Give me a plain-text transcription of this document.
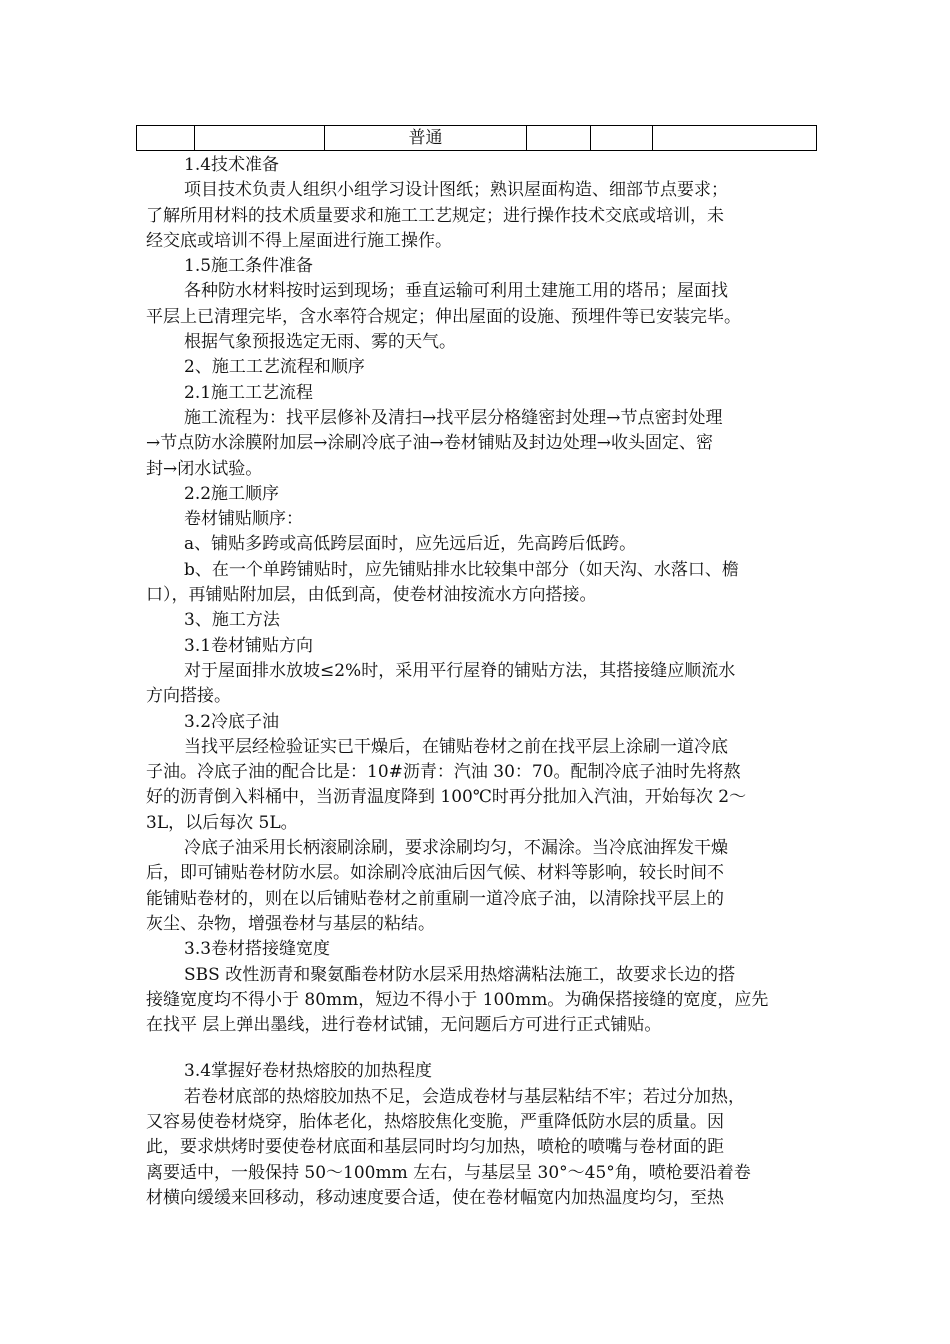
		普通			
1.4技术准备
项目技术负责人组织小组学习设计图纸；熟识屋面构造、细部节点要求；
了解所用材料的技术质量要求和施工工艺规定；进行操作技术交底或培训，未
经交底或培训不得上屋面进行施工操作。
1.5施工条件准备
各种防水材料按时运到现场；垂直运输可利用土建施工用的塔吊；屋面找
平层上已清理完毕，含水率符合规定；伸出屋面的设施、预埋件等已安装完毕。
根据气象预报选定无雨、雾的天气。
2、施工工艺流程和顺序
2.1施工工艺流程
施工流程为：找平层修补及清扫→找平层分格缝密封处理→节点密封处理
→节点防水涂膜附加层→涂刷冷底子油→卷材铺贴及封边处理→收头固定、密
封→闭水试验。
2.2施工顺序
卷材铺贴顺序：
a、铺贴多跨或高低跨层面时，应先远后近，先高跨后低跨。
b、在一个单跨铺贴时，应先铺贴排水比较集中部分（如天沟、水落口、檐
口），再铺贴附加层，由低到高，使卷材油按流水方向搭接。
3、施工方法
3.1卷材铺贴方向
对于屋面排水放坡≤2%时，采用平行屋脊的铺贴方法，其搭接缝应顺流水
方向搭接。
3.2冷底子油
当找平层经检验证实已干燥后，在铺贴卷材之前在找平层上涂刷一道冷底
子油。冷底子油的配合比是：10#沥青：汽油 30：70。配制冷底子油时先将熬
好的沥青倒入料桶中，当沥青温度降到 100℃时再分批加入汽油，开始每次 2～
3L，以后每次 5L。
冷底子油采用长柄滚刷涂刷，要求涂刷均匀，不漏涂。当冷底油挥发干燥
后，即可铺贴卷材防水层。如涂刷冷底油后因气候、材料等影响，较长时间不
能铺贴卷材的，则在以后铺贴卷材之前重刷一道冷底子油，以清除找平层上的
灰尘、杂物，增强卷材与基层的粘结。
3.3卷材搭接缝宽度
SBS 改性沥青和聚氨酯卷材防水层采用热熔满粘法施工，故要求长边的搭
接缝宽度均不得小于 80mm，短边不得小于 100mm。为确保搭接缝的宽度，应先
在找平 层上弹出墨线，进行卷材试铺，无问题后方可进行正式铺贴。
3.4掌握好卷材热熔胶的加热程度
若卷材底部的热熔胶加热不足，会造成卷材与基层粘结不牢；若过分加热，
又容易使卷材烧穿，胎体老化，热熔胶焦化变脆，严重降低防水层的质量。因
此，要求烘烤时要使卷材底面和基层同时均匀加热，喷枪的喷嘴与卷材面的距
离要适中，一般保持 50～100mm 左右，与基层呈 30°～45°角，喷枪要沿着卷
材横向缓缓来回移动，移动速度要合适，使在卷材幅宽内加热温度均匀，至热
